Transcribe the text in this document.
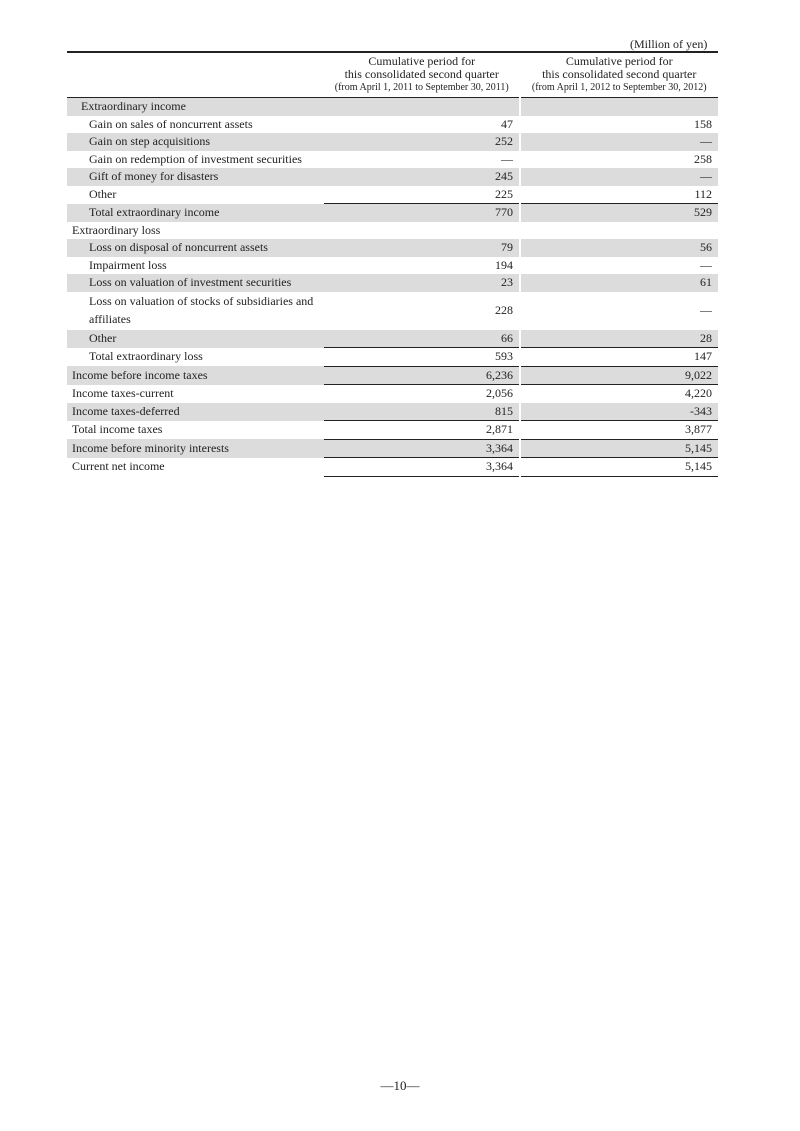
(Million of yen)

	Cumulative period for
this consolidated second quarter
(from April 1, 2011 to September 30, 2011)	Cumulative period for
this consolidated second quarter
(from April 1, 2012 to September 30, 2012)

Extraordinary income		
Gain on sales of noncurrent assets	47	158
Gain on step acquisitions	252	—
Gain on redemption of investment securities	—	258
Gift of money for disasters	245	—
Other	225	112
Total extraordinary income	770	529
Extraordinary loss		
Loss on disposal of noncurrent assets	79	56
Impairment loss	194	—
Loss on valuation of investment securities	23	61
Loss on valuation of stocks of subsidiaries and affiliates	228	—
Other	66	28
Total extraordinary loss	593	147
Income before income taxes	6,236	9,022
Income taxes-current	2,056	4,220
Income taxes-deferred	815	-343
Total income taxes	2,871	3,877
Income before minority interests	3,364	5,145
Current net income	3,364	5,145
―10―
